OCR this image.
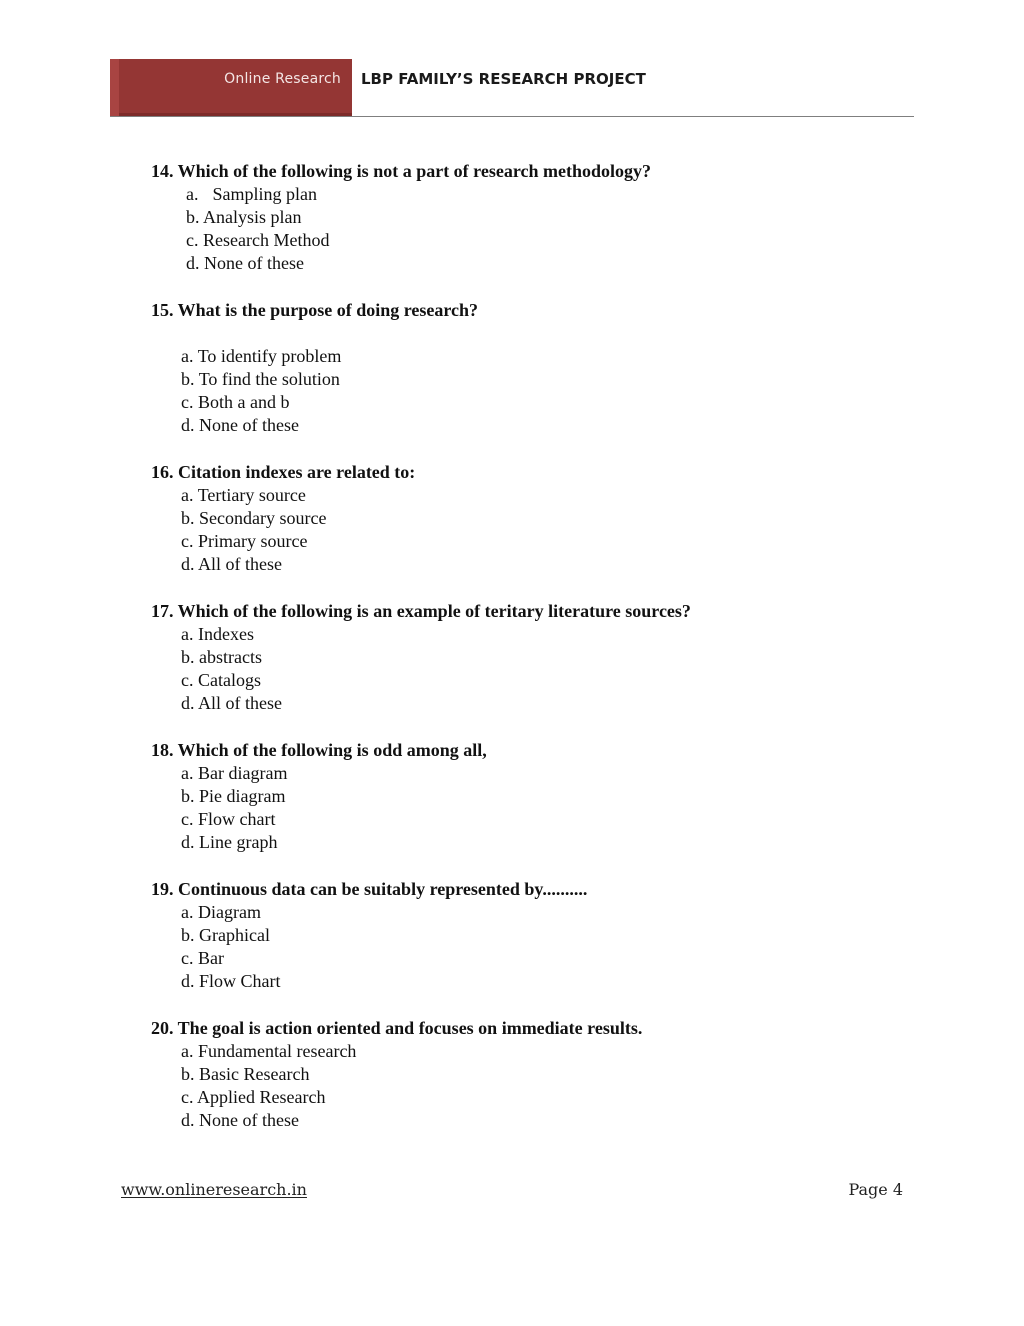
Online Research LBP FAMILY’S RESEARCH PROJECT

14. Which of the following is not a part of research methodology?

a. Sampling plan
b. Analysis plan
c. Research Method
d. None of these

15. What is the purpose of doing research?

a. To identify problem
b. To find the solution
c. Both a and b
d. None of these

16. Citation indexes are related to:

a. Tertiary source
b. Secondary source
c. Primary source
d. All of these

17. Which of the following is an example of teritary literature sources?

a. Indexes
b. abstracts
c. Catalogs
d. All of these

18. Which of the following is odd among all,

a. Bar diagram
b. Pie diagram
c. Flow chart
d. Line graph

19. Continuous data can be suitably represented by..........

a. Diagram
b. Graphical
c. Bar
d. Flow Chart

20. The goal is action oriented and focuses on immediate results.

a. Fundamental research
b. Basic Research
c. Applied Research
d. None of these
www.onlineresearch.in	Page 4
